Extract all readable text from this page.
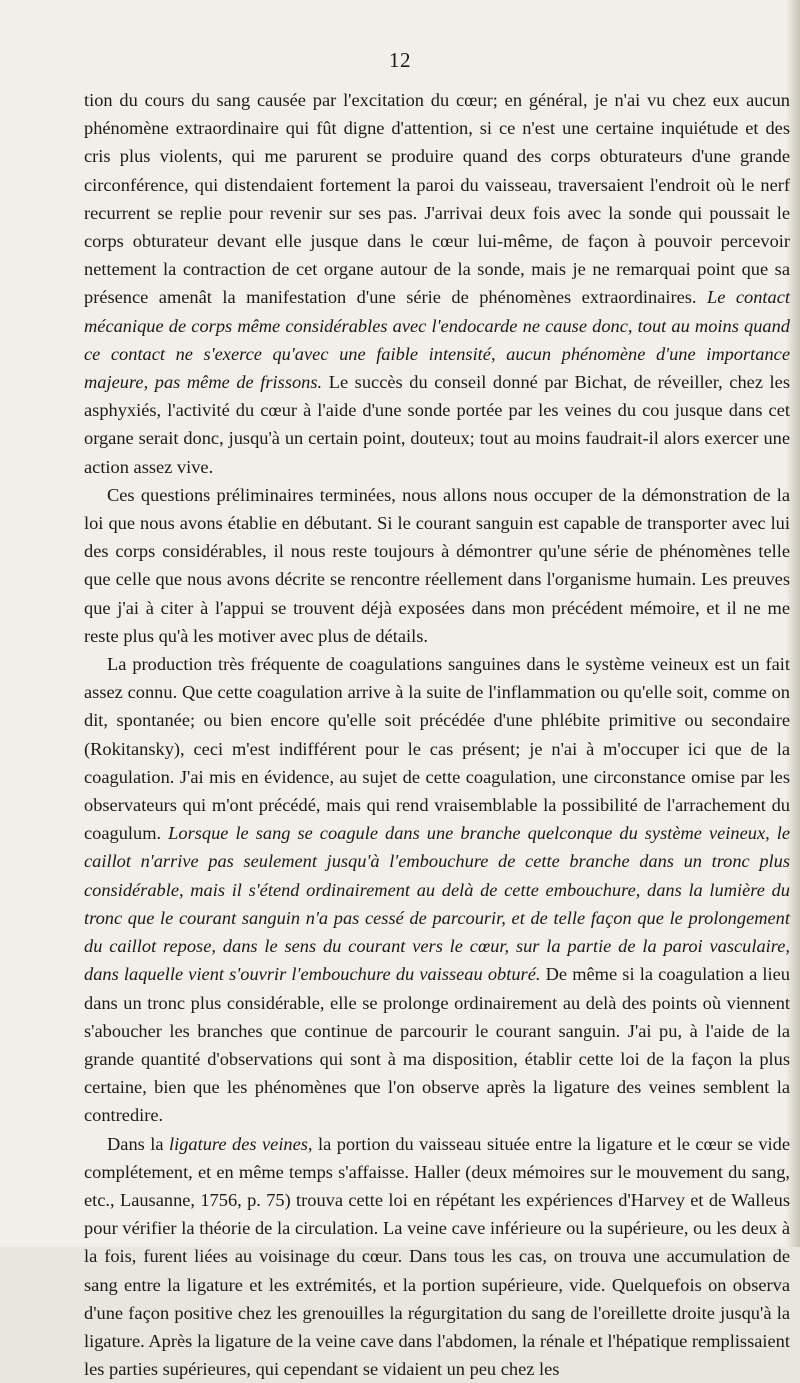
12

tion du cours du sang causée par l'excitation du cœur; en général, je n'ai vu chez eux aucun phénomène extraordinaire qui fût digne d'attention, si ce n'est une certaine inquiétude et des cris plus violents, qui me parurent se produire quand des corps obturateurs d'une grande circonférence, qui distendaient fortement la paroi du vaisseau, traversaient l'endroit où le nerf recurrent se replie pour revenir sur ses pas. J'arrivai deux fois avec la sonde qui poussait le corps obturateur devant elle jusque dans le cœur lui-même, de façon à pouvoir percevoir nettement la contraction de cet organe autour de la sonde, mais je ne remarquai point que sa présence amenât la manifestation d'une série de phénomènes extraordinaires. Le contact mécanique de corps même considérables avec l'endocarde ne cause donc, tout au moins quand ce contact ne s'exerce qu'avec une faible intensité, aucun phénomène d'une importance majeure, pas même de frissons. Le succès du conseil donné par Bichat, de réveiller, chez les asphyxiés, l'activité du cœur à l'aide d'une sonde portée par les veines du cou jusque dans cet organe serait donc, jusqu'à un certain point, douteux; tout au moins faudrait-il alors exercer une action assez vive.

Ces questions préliminaires terminées, nous allons nous occuper de la démonstration de la loi que nous avons établie en débutant. Si le courant sanguin est capable de transporter avec lui des corps considérables, il nous reste toujours à démontrer qu'une série de phénomènes telle que celle que nous avons décrite se rencontre réellement dans l'organisme humain. Les preuves que j'ai à citer à l'appui se trouvent déjà exposées dans mon précédent mémoire, et il ne me reste plus qu'à les motiver avec plus de détails.

La production très fréquente de coagulations sanguines dans le système veineux est un fait assez connu. Que cette coagulation arrive à la suite de l'inflammation ou qu'elle soit, comme on dit, spontanée; ou bien encore qu'elle soit précédée d'une phlébite primitive ou secondaire (Rokitansky), ceci m'est indifférent pour le cas présent; je n'ai à m'occuper ici que de la coagulation. J'ai mis en évidence, au sujet de cette coagulation, une circonstance omise par les observateurs qui m'ont précédé, mais qui rend vraisemblable la possibilité de l'arrachement du coagulum. Lorsque le sang se coagule dans une branche quelconque du système veineux, le caillot n'arrive pas seulement jusqu'à l'embouchure de cette branche dans un tronc plus considérable, mais il s'étend ordinairement au delà de cette embouchure, dans la lumière du tronc que le courant sanguin n'a pas cessé de parcourir, et de telle façon que le prolongement du caillot repose, dans le sens du courant vers le cœur, sur la partie de la paroi vasculaire, dans laquelle vient s'ouvrir l'embouchure du vaisseau obturé. De même si la coagulation a lieu dans un tronc plus considérable, elle se prolonge ordinairement au delà des points où viennent s'aboucher les branches que continue de parcourir le courant sanguin. J'ai pu, à l'aide de la grande quantité d'observations qui sont à ma disposition, établir cette loi de la façon la plus certaine, bien que les phénomènes que l'on observe après la ligature des veines semblent la contredire.

Dans la ligature des veines, la portion du vaisseau située entre la ligature et le cœur se vide complétement, et en même temps s'affaisse. Haller (deux mémoires sur le mouvement du sang, etc., Lausanne, 1756, p. 75) trouva cette loi en répétant les expériences d'Harvey et de Walleus pour vérifier la théorie de la circulation. La veine cave inférieure ou la supérieure, ou les deux à la fois, furent liées au voisinage du cœur. Dans tous les cas, on trouva une accumulation de sang entre la ligature et les extrémités, et la portion supérieure, vide. Quelquefois on observa d'une façon positive chez les grenouilles la régurgitation du sang de l'oreillette droite jusqu'à la ligature. Après la ligature de la veine cave dans l'abdomen, la rénale et l'hépatique remplissaient les parties supérieures, qui cependant se vidaient un peu chez les
